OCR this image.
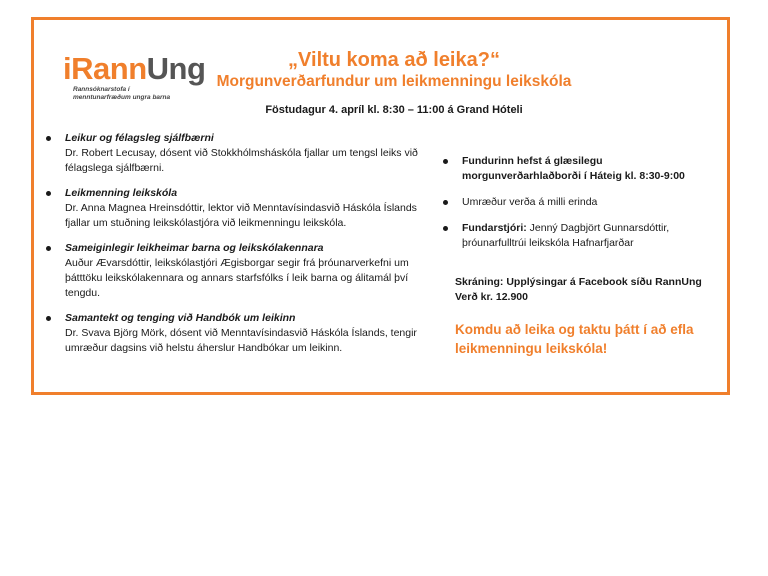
iRannUng
Rannsóknarstofa í
menntunarfræðum ungra barna
„Viltu koma að leika?“
Morgunverðarfundur um leikmenningu leikskóla
Föstudagur 4. apríl kl. 8:30 – 11:00 á Grand Hóteli
Leikur og félagsleg sjálfbærni
Dr. Robert Lecusay, dósent við Stokkhólmsháskóla fjallar um tengsl leiks við félagslega sjálfbærni.
Leikmenning leikskóla
Dr. Anna Magnea Hreinsdóttir, lektor við Menntavísindasvið Háskóla Íslands fjallar um stuðning leikskólastjóra við leikmenningu leikskóla.
Sameiginlegir leikheimar barna og leikskólakennara
Auður Ævarsdóttir, leikskólastjóri Ægisborgar segir frá þróunarverkefni um þátttöku leikskólakennara og annars starfsfólks í leik barna og álitamál því tengdu.
Samantekt og tenging við Handbók um leikinn
Dr. Svava Björg Mörk, dósent við Menntavísindasvið Háskóla Íslands, tengir umræður dagsins við helstu áherslur Handbókar um leikinn.
Fundurinn hefst á glæsilegu morgunverðarhlaðborði í Háteig kl. 8:30-9:00
Umræður verða á milli erinda
Fundarstjóri: Jenný Dagbjört Gunnarsdóttir, þróunarfulltrúi leikskóla Hafnarfjarðar
Skráning: Upplýsingar á Facebook síðu RannUng
Verð kr. 12.900
Komdu að leika og taktu þátt í að efla leikmenningu leikskóla!
